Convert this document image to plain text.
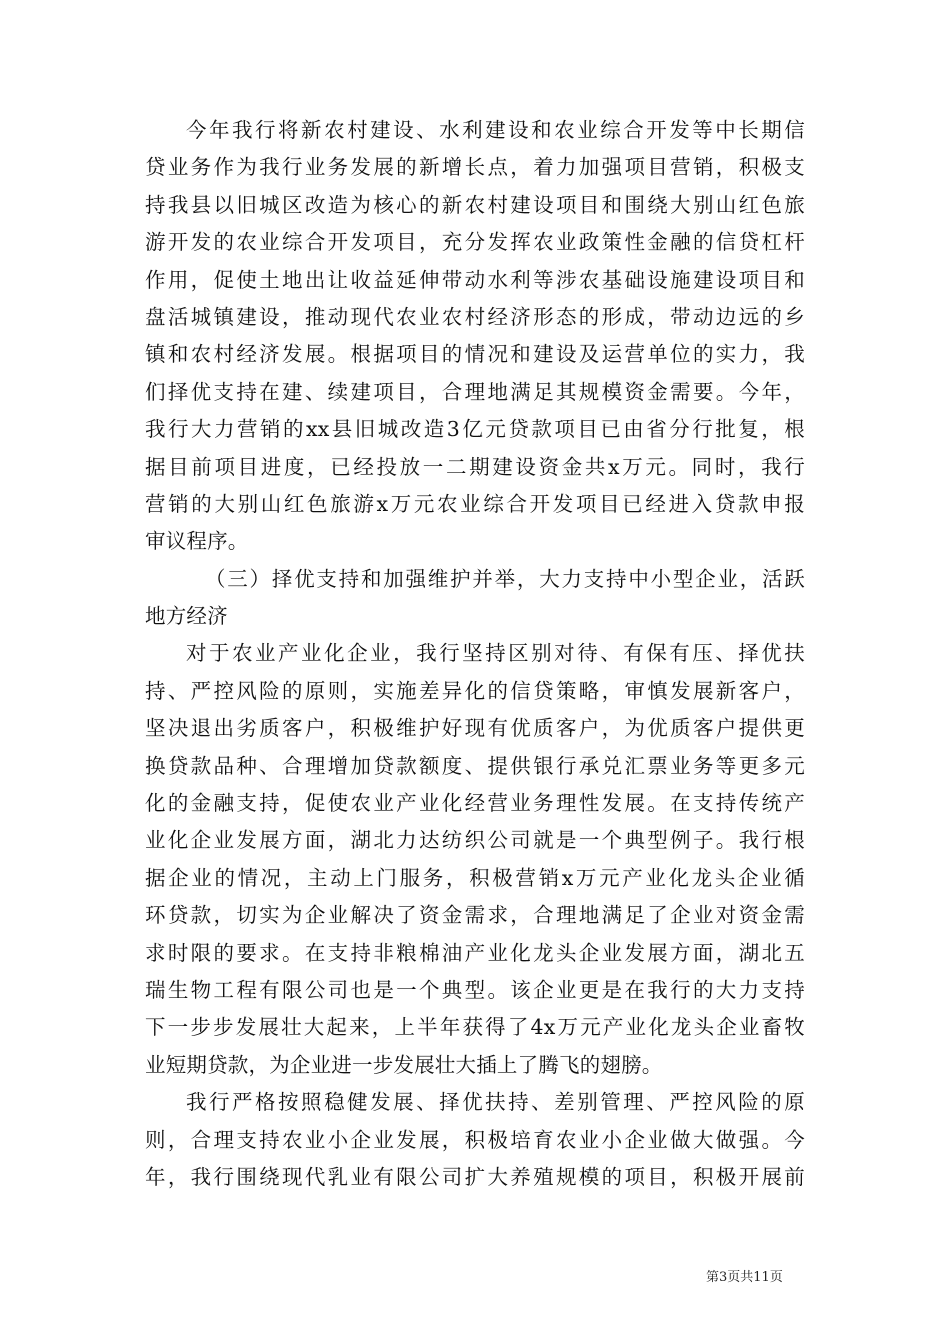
今年我行将新农村建设、水利建设和农业综合开发等中长期信
贷业务作为我行业务发展的新增长点，着力加强项目营销，积极支
持我县以旧城区改造为核心的新农村建设项目和围绕大别山红色旅
游开发的农业综合开发项目，充分发挥农业政策性金融的信贷杠杆
作用，促使土地出让收益延伸带动水利等涉农基础设施建设项目和
盘活城镇建设，推动现代农业农村经济形态的形成，带动边远的乡
镇和农村经济发展。根据项目的情况和建设及运营单位的实力，我
们择优支持在建、续建项目，合理地满足其规模资金需要。今年，
我行大力营销的xx县旧城改造3亿元贷款项目已由省分行批复，根
据目前项目进度，已经投放一二期建设资金共x万元。同时，我行
营销的大别山红色旅游x万元农业综合开发项目已经进入贷款申报
审议程序。
（三）择优支持和加强维护并举，大力支持中小型企业，活跃
地方经济
对于农业产业化企业，我行坚持区别对待、有保有压、择优扶
持、严控风险的原则，实施差异化的信贷策略，审慎发展新客户，
坚决退出劣质客户，积极维护好现有优质客户，为优质客户提供更
换贷款品种、合理增加贷款额度、提供银行承兑汇票业务等更多元
化的金融支持，促使农业产业化经营业务理性发展。在支持传统产
业化企业发展方面，湖北力达纺织公司就是一个典型例子。我行根
据企业的情况，主动上门服务，积极营销x万元产业化龙头企业循
环贷款，切实为企业解决了资金需求，合理地满足了企业对资金需
求时限的要求。在支持非粮棉油产业化龙头企业发展方面，湖北五
瑞生物工程有限公司也是一个典型。该企业更是在我行的大力支持
下一步步发展壮大起来，上半年获得了4x万元产业化龙头企业畜牧
业短期贷款，为企业进一步发展壮大插上了腾飞的翅膀。
我行严格按照稳健发展、择优扶持、差别管理、严控风险的原
则，合理支持农业小企业发展，积极培育农业小企业做大做强。今
年，我行围绕现代乳业有限公司扩大养殖规模的项目，积极开展前
第3页共11页
